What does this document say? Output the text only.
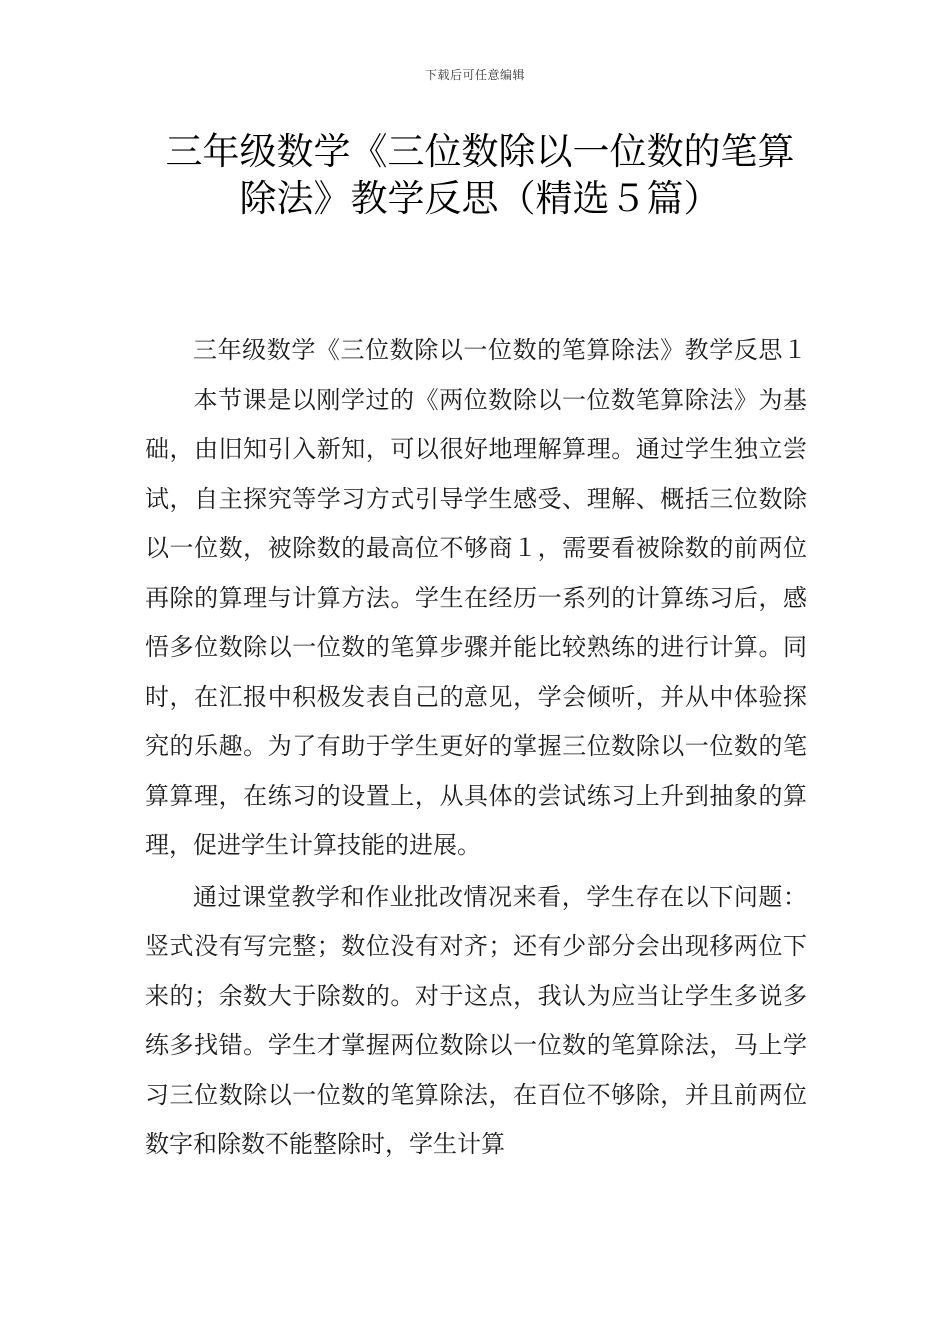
下载后可任意编辑
三年级数学《三位数除以一位数的笔算除法》教学反思（精选５篇）

三年级数学《三位数除以一位数的笔算除法》教学反思１本节课是以刚学过的《两位数除以一位数笔算除法》为基础，由旧知引入新知，可以很好地理解算理。通过学生独立尝试，自主探究等学习方式引导学生感受、理解、概括三位数除以一位数，被除数的最高位不够商１，需要看被除数的前两位再除的算理与计算方法。学生在经历一系列的计算练习后，感悟多位数除以一位数的笔算步骤并能比较熟练的进行计算。同时，在汇报中积极发表自己的意见，学会倾听，并从中体验探究的乐趣。为了有助于学生更好的掌握三位数除以一位数的笔算算理，在练习的设置上，从具体的尝试练习上升到抽象的算理，促进学生计算技能的进展。

通过课堂教学和作业批改情况来看，学生存在以下问题：竖式没有写完整；数位没有对齐；还有少部分会出现移两位下来的；余数大于除数的。对于这点，我认为应当让学生多说多练多找错。学生才掌握两位数除以一位数的笔算除法，马上学习三位数除以一位数的笔算除法，在百位不够除，并且前两位数字和除数不能整除时，学生计算
